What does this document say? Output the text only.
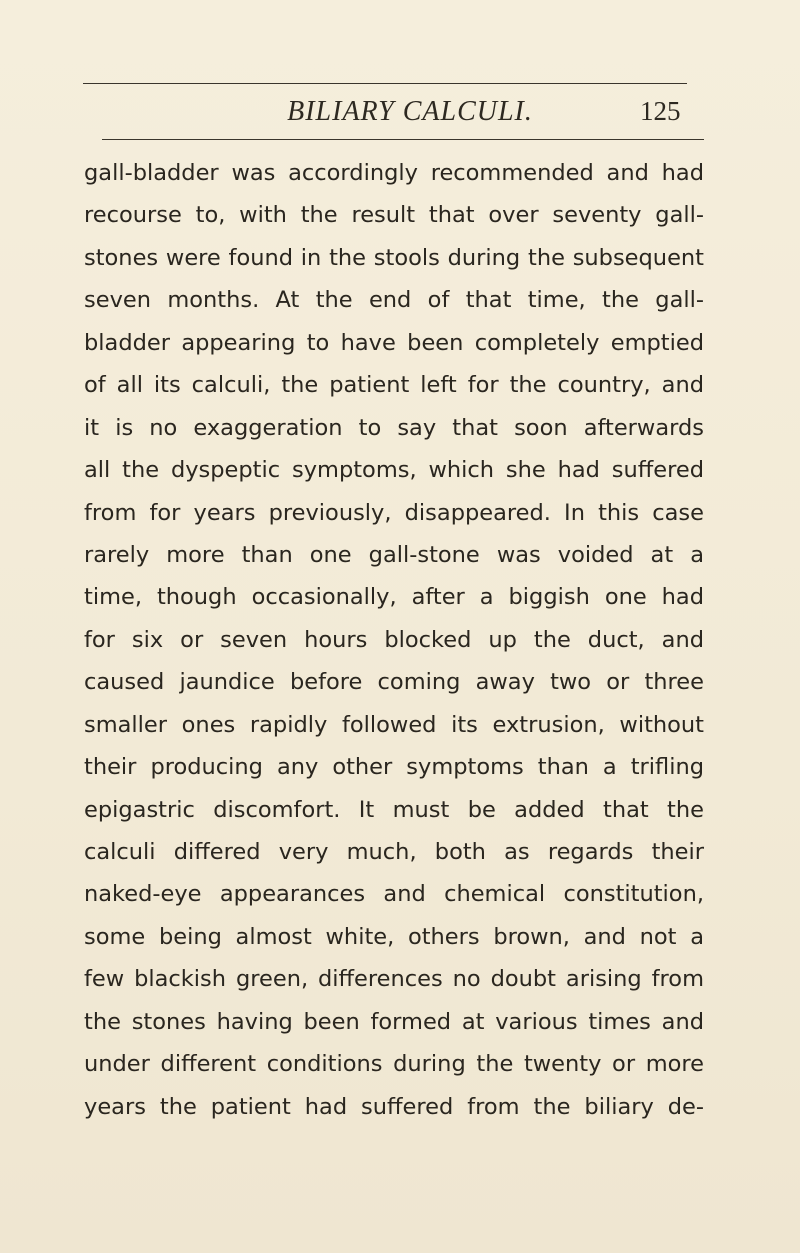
BILIARY CALCULI.	125
gall-bladder was accordingly recommended and had
recourse to, with the result that over seventy gall-
stones were found in the stools during the subsequent
seven months. At the end of that time, the gall-
bladder appearing to have been completely emptied
of all its calculi, the patient left for the country, and
it is no exaggeration to say that soon afterwards
all the dyspeptic symptoms, which she had suffered
from for years previously, disappeared. In this case
rarely more than one gall-stone was voided at a
time, though occasionally, after a biggish one had
for six or seven hours blocked up the duct, and
caused jaundice before coming away two or three
smaller ones rapidly followed its extrusion, without
their producing any other symptoms than a trifling
epigastric discomfort. It must be added that the
calculi differed very much, both as regards their
naked-eye appearances and chemical constitution,
some being almost white, others brown, and not a
few blackish green, differences no doubt arising from
the stones having been formed at various times and
under different conditions during the twenty or more
years the patient had suffered from the biliary de-
